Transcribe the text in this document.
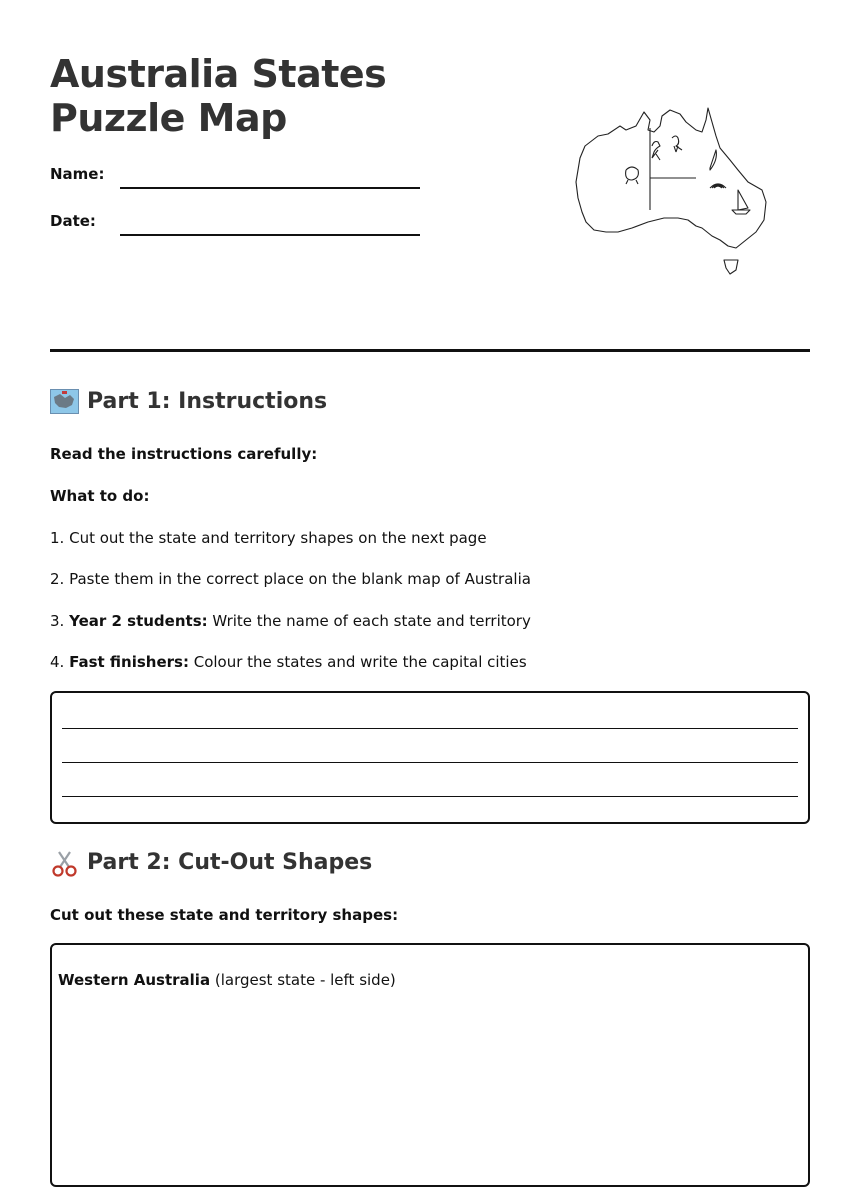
Australia States Puzzle Map
Name:
Date:
Part 1: Instructions

Read the instructions carefully:

What to do:

1. Cut out the state and territory shapes on the next page

2. Paste them in the correct place on the blank map of Australia

3. Year 2 students: Write the name of each state and territory

4. Fast finishers: Colour the states and write the capital cities

Part 2: Cut-Out Shapes

Cut out these state and territory shapes:

Western Australia (largest state - left side)
